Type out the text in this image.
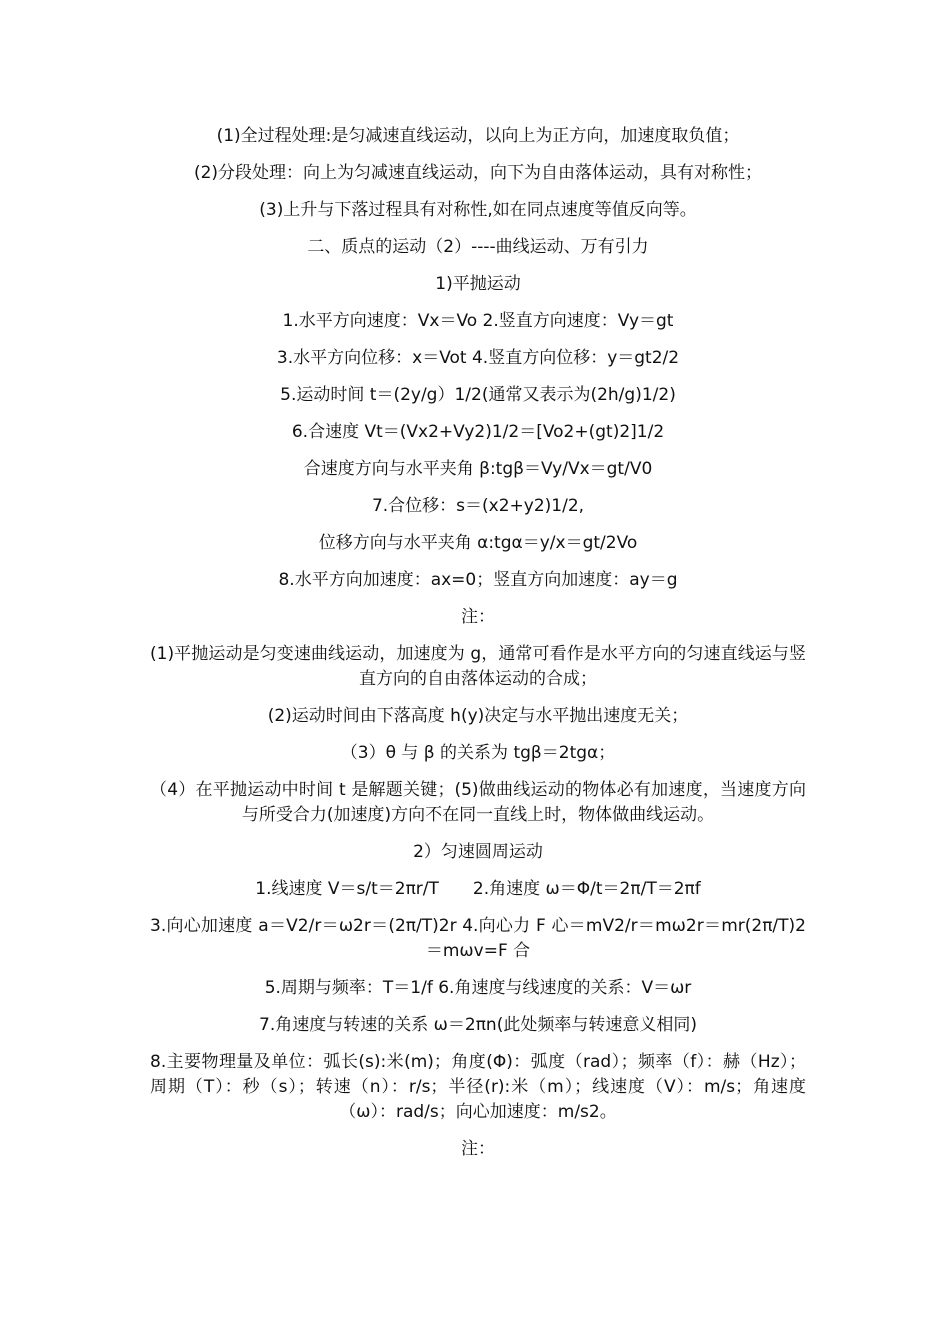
(1)全过程处理:是匀减速直线运动，以向上为正方向，加速度取负值；

(2)分段处理：向上为匀减速直线运动，向下为自由落体运动，具有对称性；

(3)上升与下落过程具有对称性,如在同点速度等值反向等。

二、质点的运动（2）----曲线运动、万有引力

1)平抛运动

1.水平方向速度：Vx＝Vo 2.竖直方向速度：Vy＝gt

3.水平方向位移：x＝Vot 4.竖直方向位移：y＝gt2/2

5.运动时间 t＝(2y/g）1/2(通常又表示为(2h/g)1/2)

6.合速度 Vt＝(Vx2+Vy2)1/2＝[Vo2+(gt)2]1/2

合速度方向与水平夹角 β:tgβ＝Vy/Vx＝gt/V0

7.合位移：s＝(x2+y2)1/2,

位移方向与水平夹角 α:tgα＝y/x＝gt/2Vo

8.水平方向加速度：ax=0；竖直方向加速度：ay＝g

注：

(1)平抛运动是匀变速曲线运动，加速度为 g，通常可看作是水平方向的匀速直线运与竖直方向的自由落体运动的合成；

(2)运动时间由下落高度 h(y)决定与水平抛出速度无关；

（3）θ 与 β 的关系为 tgβ＝2tgα；

（4）在平抛运动中时间 t 是解题关键；(5)做曲线运动的物体必有加速度，当速度方向与所受合力(加速度)方向不在同一直线上时，物体做曲线运动。

2）匀速圆周运动

1.线速度 V＝s/t＝2πr/T　　2.角速度 ω＝Φ/t＝2π/T＝2πf

3.向心加速度 a＝V2/r＝ω2r＝(2π/T)2r 4.向心力 F 心＝mV2/r＝mω2r＝mr(2π/T)2＝mωv=F 合

5.周期与频率：T＝1/f 6.角速度与线速度的关系：V＝ωr

7.角速度与转速的关系 ω＝2πn(此处频率与转速意义相同)

8.主要物理量及单位：弧长(s):米(m)；角度(Φ)：弧度（rad）；频率（f）：赫（Hz）；周期（T）：秒（s）；转速（n）：r/s；半径(r):米（m）；线速度（V）：m/s；角速度（ω）：rad/s；向心加速度：m/s2。

注：
